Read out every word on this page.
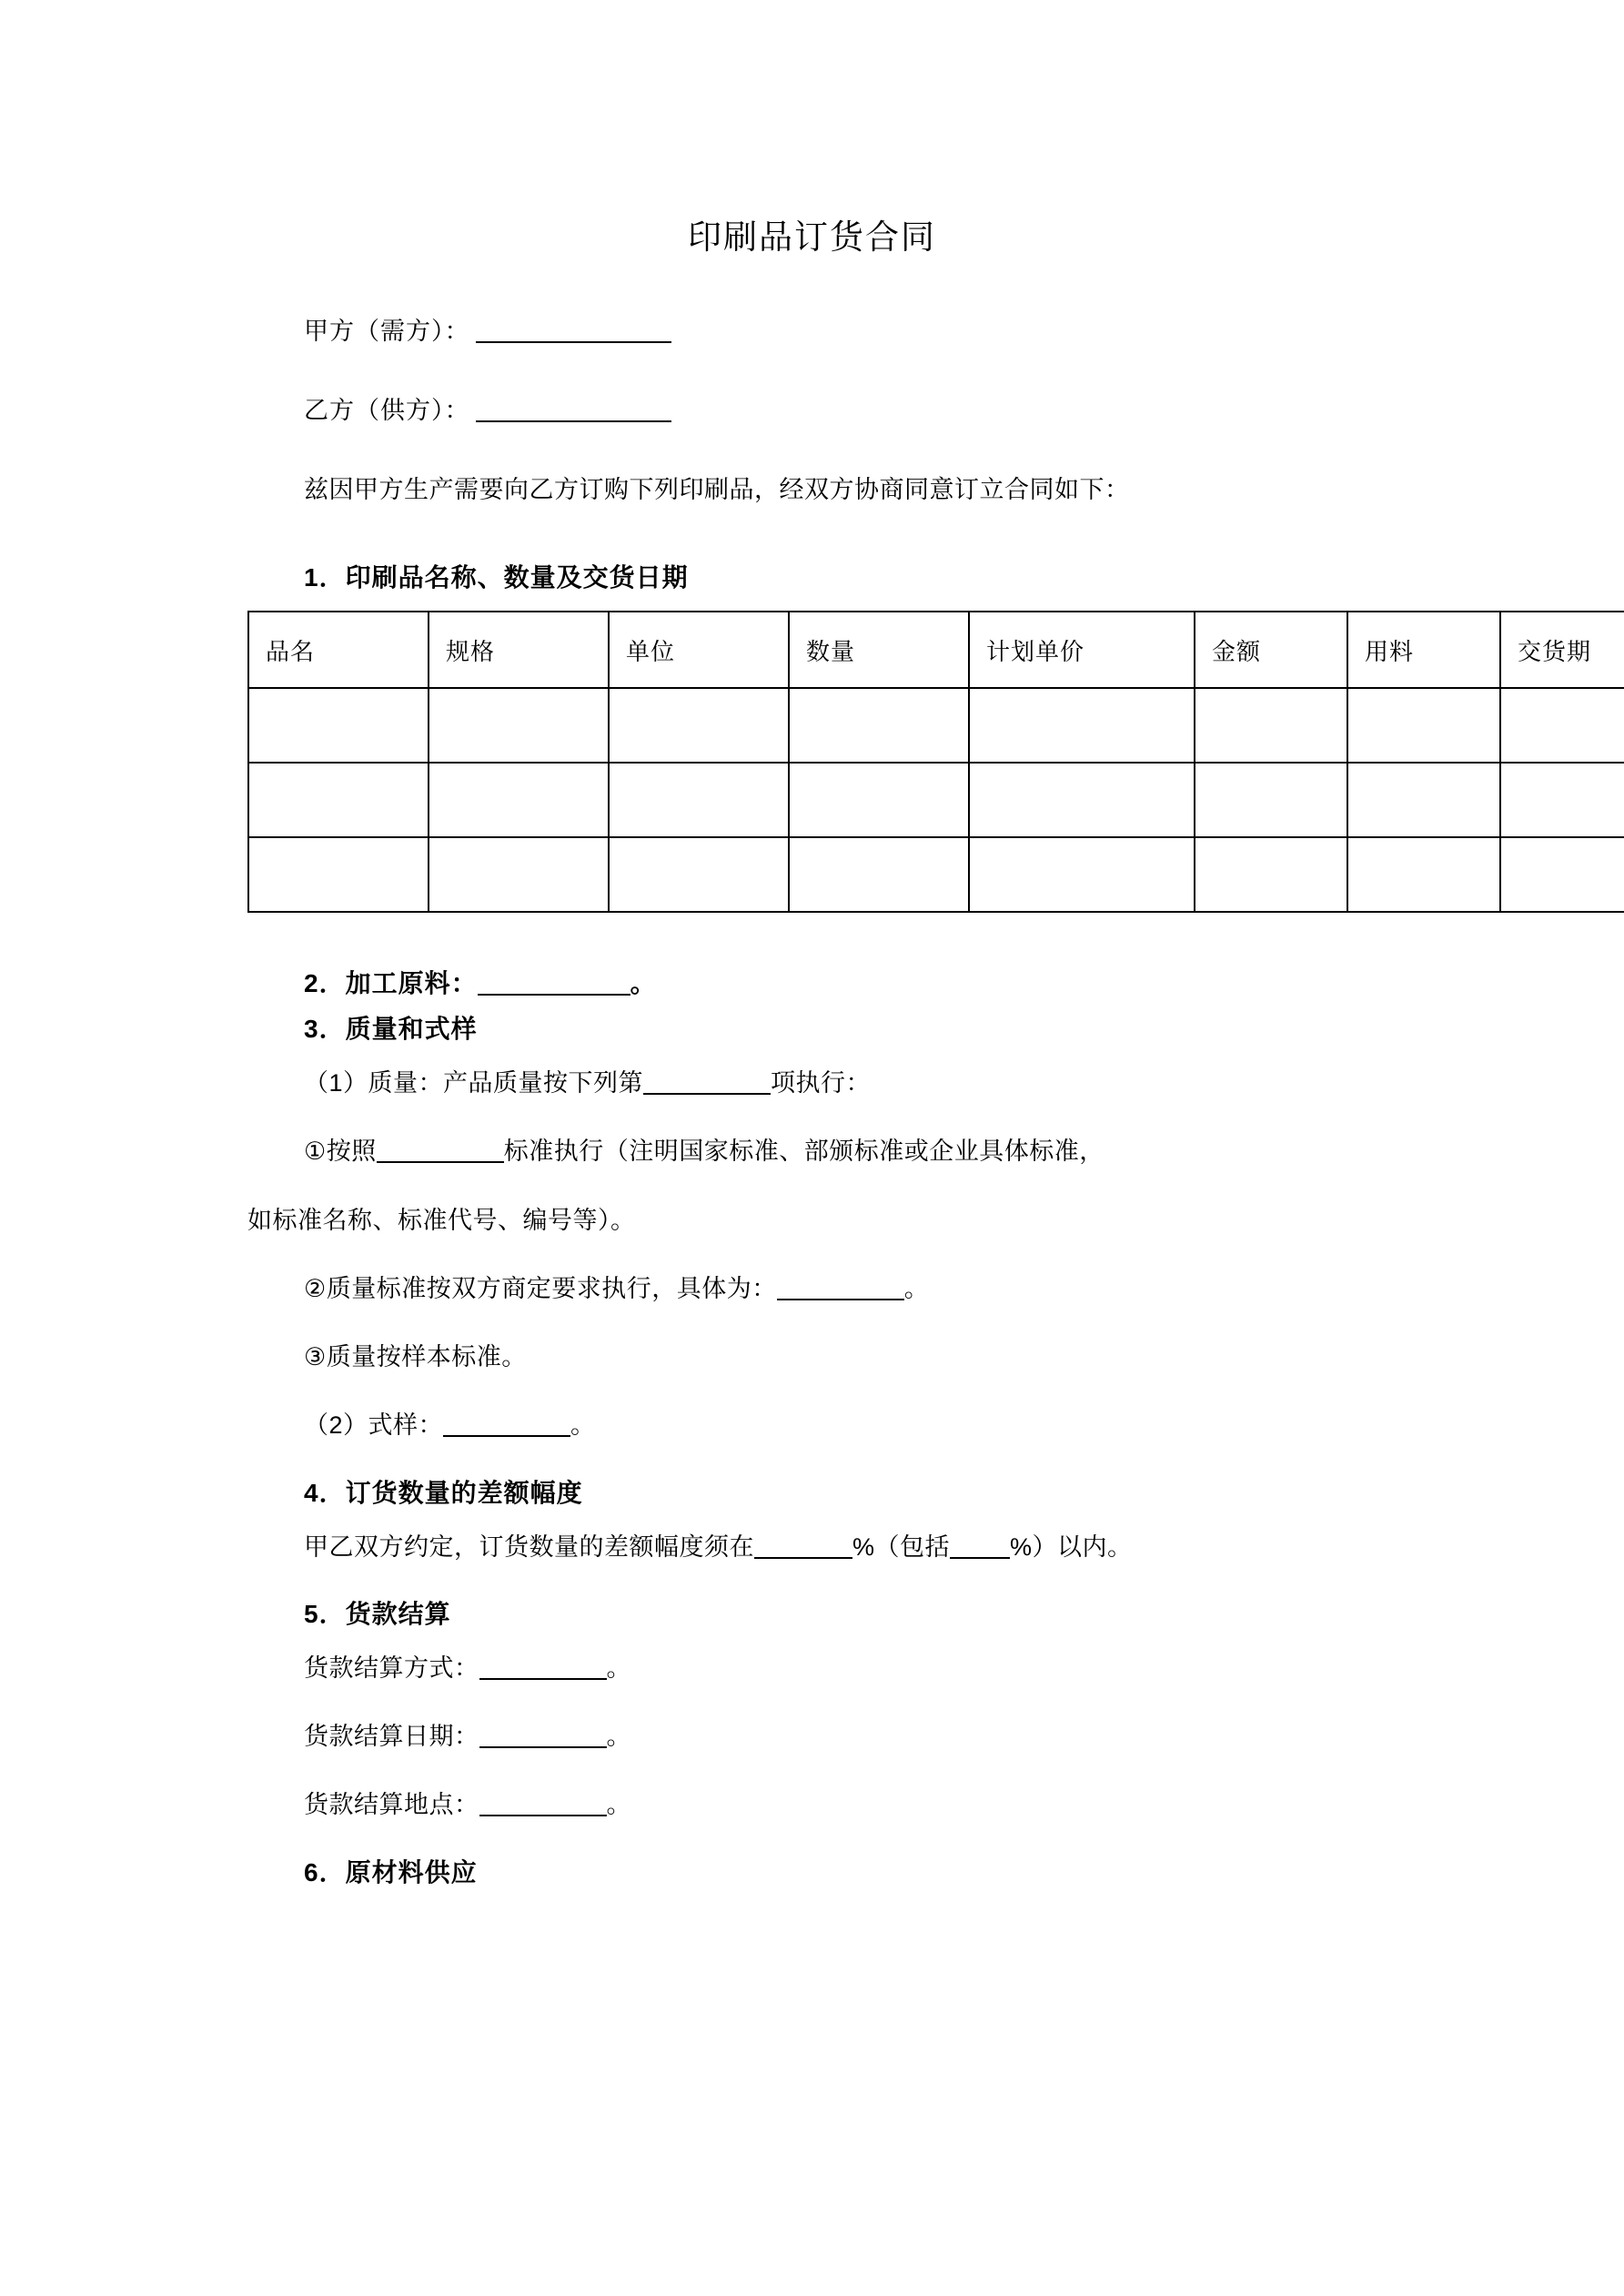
印刷品订货合同

甲方（需方）：

乙方（供方）：

兹因甲方生产需要向乙方订购下列印刷品，经双方协商同意订立合同如下：

1．印刷品名称、数量及交货日期
品名	规格	单位	数量	计划单价	金额	用料	交货期

2．加工原料：	。
3．质量和式样

（1）质量：产品质量按下列第	项执行：

①按照	标准执行（注明国家标准、部颁标准或企业具体标准，

如标准名称、标准代号、编号等）。

②质量标准按双方商定要求执行，具体为：	。

③质量按样本标准。

（2）式样：	。

4．订货数量的差额幅度

甲乙双方约定，订货数量的差额幅度须在	%（包括 %）以内。

5．货款结算

货款结算方式：	。

货款结算日期：	。

货款结算地点：	。

6．原材料供应
